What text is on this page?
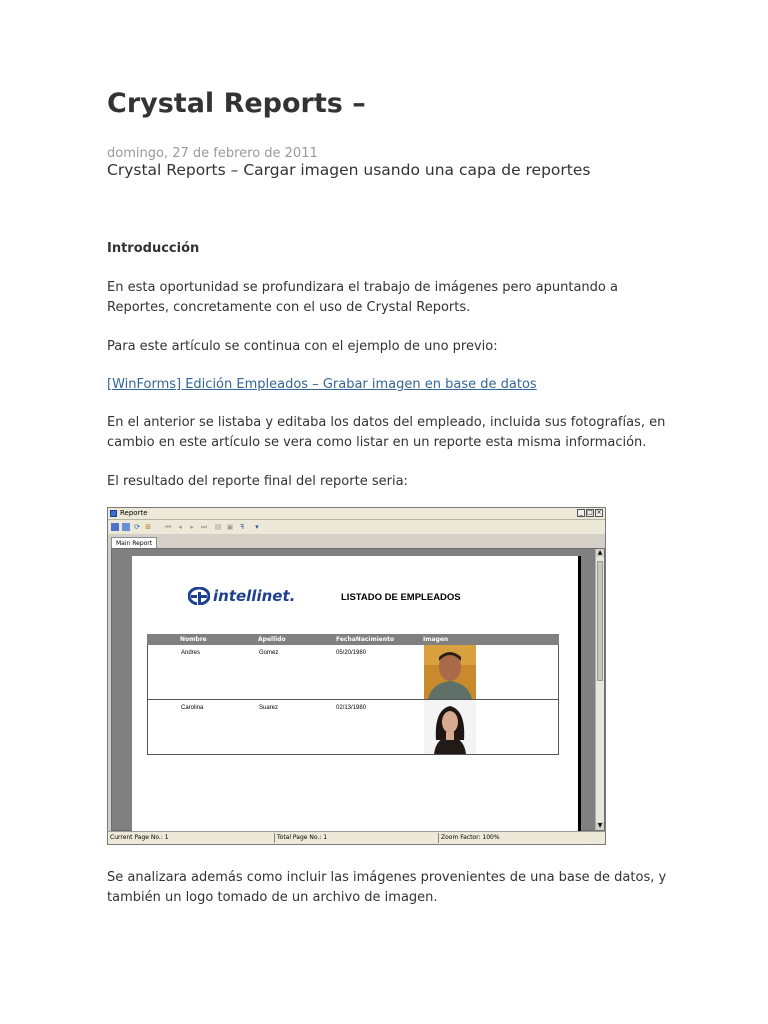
Crystal Reports –
domingo, 27 de febrero de 2011
Crystal Reports – Cargar imagen usando una capa de reportes
Introducción

En esta oportunidad se profundizara el trabajo de imágenes pero apuntando a Reportes, concretamente con el uso de Crystal Reports.

Para este artículo se continua con el ejemplo de uno previo:

[WinForms] Edición Empleados – Grabar imagen en base de datos

En el anterior se listaba y editaba los datos del empleado, incluida sus fotografías, en cambio en este artículo se vera como listar en un reporte esta misma información.

El resultado del reporte final del reporte seria:

Reporte	_ □ ×
⟳ ⊞ ⏮	◂	▸	⏭ ▤ ▣ ꟻ	▾
Main Report
intellinet.	LISTADO DE EMPLEADOS
Nombre	Apellido	FechaNacimiento	Imagen
Andres	Gomez	05/20/1980
Carolina	Suarez	02/13/1980
▲
▼
Current Page No.: 1	Total Page No.: 1	Zoom Factor: 100%

Se analizara además como incluir las imágenes provenientes de una base de datos, y también un logo tomado de un archivo de imagen.
